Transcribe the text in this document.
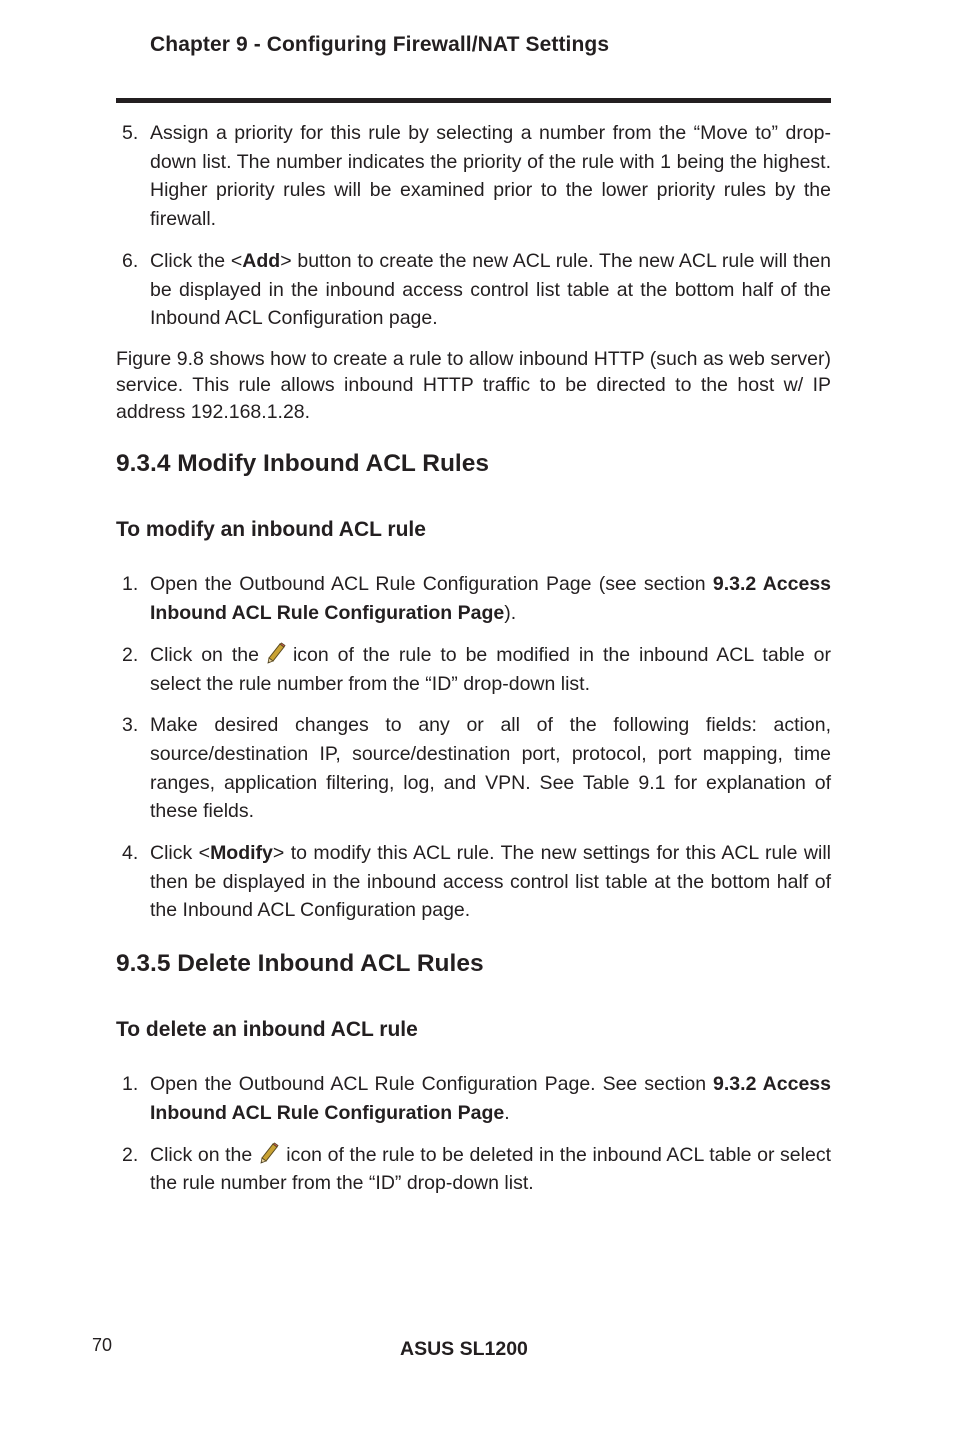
Chapter 9 - Configuring Firewall/NAT Settings
5. Assign a priority for this rule by selecting a number from the “Move to” drop-down list. The number indicates the priority of the rule with 1 being the highest. Higher priority rules will be examined prior to the lower priority rules by the firewall.
6. Click the <Add> button to create the new ACL rule. The new ACL rule will then be displayed in the inbound access control list table at the bottom half of the Inbound ACL Configuration page.

Figure 9.8 shows how to create a rule to allow inbound HTTP (such as web server) service. This rule allows inbound HTTP traffic to be directed to the host w/ IP address 192.168.1.28.

9.3.4 Modify Inbound ACL Rules
To modify an inbound ACL rule
1. Open the Outbound ACL Rule Configuration Page (see section 9.3.2 Access Inbound ACL Rule Configuration Page).
2. Click on the icon of the rule to be modified in the inbound ACL table or select the rule number from the “ID” drop-down list.
3. Make desired changes to any or all of the following fields: action, source/destination IP, source/destination port, protocol, port mapping, time ranges, application filtering, log, and VPN. See Table 9.1 for explanation of these fields.
4. Click <Modify> to modify this ACL rule. The new settings for this ACL rule will then be displayed in the inbound access control list table at the bottom half of the Inbound ACL Configuration page.
9.3.5 Delete Inbound ACL Rules
To delete an inbound ACL rule
1. Open the Outbound ACL Rule Configuration Page. See section 9.3.2 Access Inbound ACL Rule Configuration Page.
2. Click on the icon of the rule to be deleted in the inbound ACL table or select the rule number from the “ID” drop-down list.
70	ASUS SL1200
